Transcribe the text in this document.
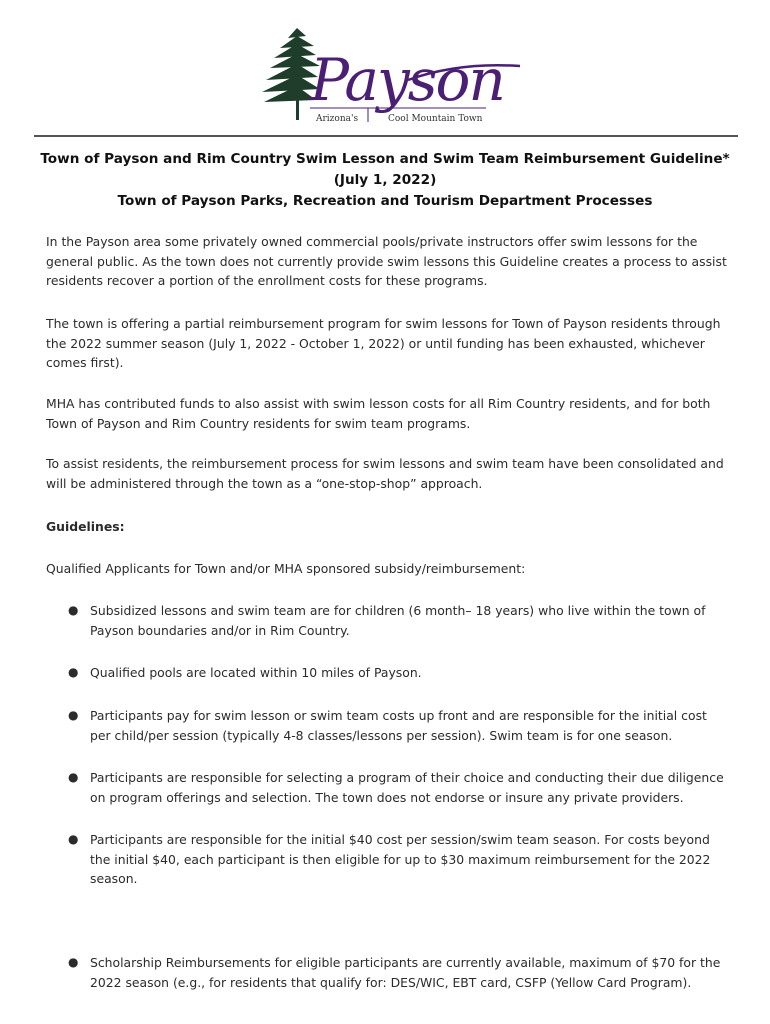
Payson
Arizona's	Cool Mountain Town
Town of Payson and Rim Country Swim Lesson and Swim Team Reimbursement Guideline*
(July 1, 2022)
Town of Payson Parks, Recreation and Tourism Department Processes

In the Payson area some privately owned commercial pools/private instructors offer swim lessons for the general public. As the town does not currently provide swim lessons this Guideline creates a process to assist residents recover a portion of the enrollment costs for these programs.

The town is offering a partial reimbursement program for swim lessons for Town of Payson residents through the 2022 summer season (July 1, 2022 - October 1, 2022) or until funding has been exhausted, whichever comes first).

MHA has contributed funds to also assist with swim lesson costs for all Rim Country residents, and for both Town of Payson and Rim Country residents for swim team programs.

To assist residents, the reimbursement process for swim lessons and swim team have been consolidated and will be administered through the town as a “one-stop-shop” approach.

Guidelines:

Qualified Applicants for Town and/or MHA sponsored subsidy/reimbursement:

● Subsidized lessons and swim team are for children (6 month– 18 years) who live within the town of Payson boundaries and/or in Rim Country.
● Qualified pools are located within 10 miles of Payson.
● Participants pay for swim lesson or swim team costs up front and are responsible for the initial cost per child/per session (typically 4-8 classes/lessons per session). Swim team is for one season.
● Participants are responsible for selecting a program of their choice and conducting their due diligence on program offerings and selection. The town does not endorse or insure any private providers.
● Participants are responsible for the initial $40 cost per session/swim team season. For costs beyond the initial $40, each participant is then eligible for up to $30 maximum reimbursement for the 2022 season.
● Scholarship Reimbursements for eligible participants are currently available, maximum of $70 for the 2022 season (e.g., for residents that qualify for: DES/WIC, EBT card, CSFP (Yellow Card Program).
